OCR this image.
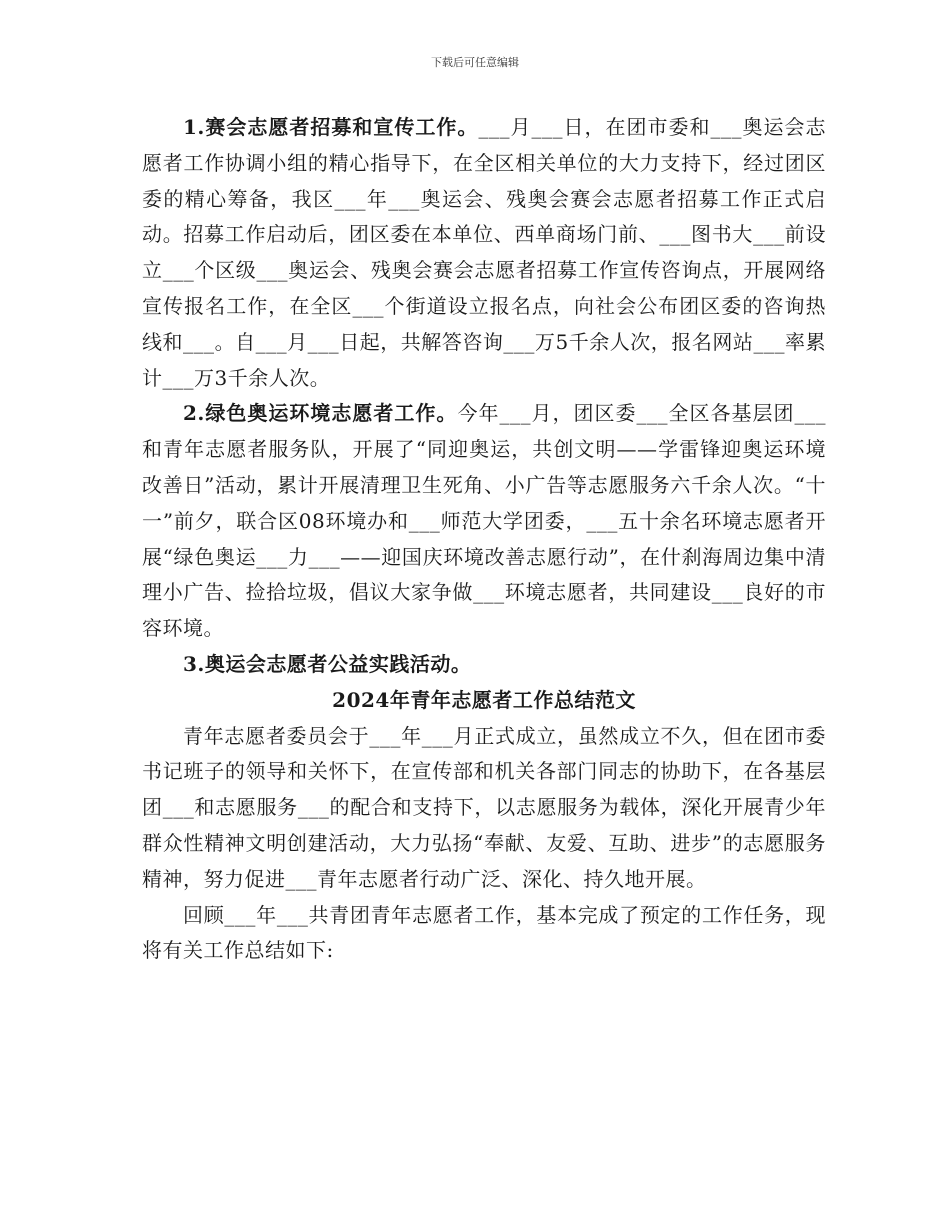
下载后可任意编辑

1.赛会志愿者招募和宣传工作。___月___日，在团市委和___奥运会志愿者工作协调小组的精心指导下，在全区相关单位的大力支持下，经过团区委的精心筹备，我区___年___奥运会、残奥会赛会志愿者招募工作正式启动。招募工作启动后，团区委在本单位、西单商场门前、___图书大___前设立___个区级___奥运会、残奥会赛会志愿者招募工作宣传咨询点，开展网络宣传报名工作，在全区___个街道设立报名点，向社会公布团区委的咨询热线和___。自___月___日起，共解答咨询___万5千余人次，报名网站___率累计___万3千余人次。

2.绿色奥运环境志愿者工作。今年___月，团区委___全区各基层团___和青年志愿者服务队，开展了“同迎奥运，共创文明——学雷锋迎奥运环境改善日”活动，累计开展清理卫生死角、小广告等志愿服务六千余人次。“十一”前夕，联合区08环境办和___师范大学团委，___五十余名环境志愿者开展“绿色奥运___力___——迎国庆环境改善志愿行动”，在什刹海周边集中清理小广告、捡拾垃圾，倡议大家争做___环境志愿者，共同建设___良好的市容环境。

3.奥运会志愿者公益实践活动。

2024年青年志愿者工作总结范文

青年志愿者委员会于___年___月正式成立，虽然成立不久，但在团市委书记班子的领导和关怀下，在宣传部和机关各部门同志的协助下，在各基层团___和志愿服务___的配合和支持下，以志愿服务为载体，深化开展青少年群众性精神文明创建活动，大力弘扬“奉献、友爱、互助、进步”的志愿服务精神，努力促进___青年志愿者行动广泛、深化、持久地开展。

回顾___年___共青团青年志愿者工作，基本完成了预定的工作任务，现将有关工作总结如下:
